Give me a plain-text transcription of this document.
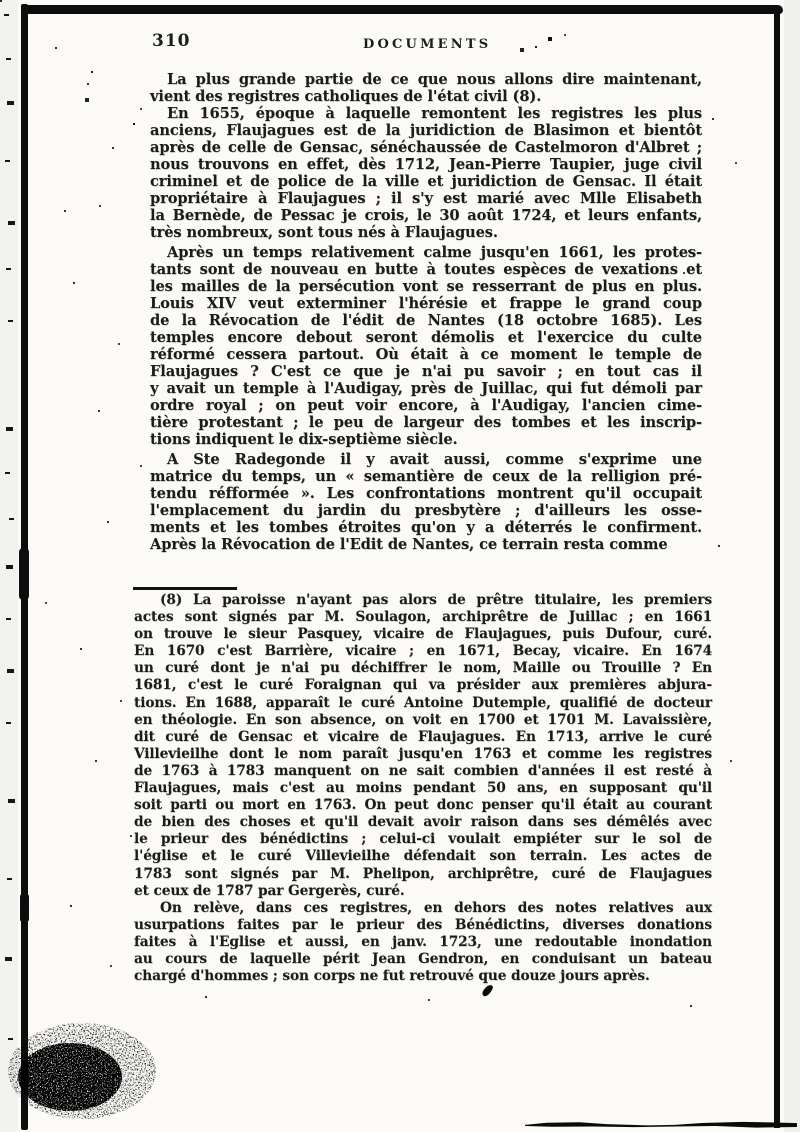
310	DOCUMENTS
La plus grande partie de ce que nous allons dire maintenant,
vient des registres catholiques de l'état civil (8).
En 1655, époque à laquelle remontent les registres les plus
anciens, Flaujagues est de la juridiction de Blasimon et bientôt
après de celle de Gensac, sénéchaussée de Castelmoron d'Albret ;
nous trouvons en effet, dès 1712, Jean-Pierre Taupier, juge civil
criminel et de police de la ville et juridiction de Gensac. Il était
propriétaire à Flaujagues ; il s'y est marié avec Mlle Elisabeth
la Bernède, de Pessac je crois, le 30 août 1724, et leurs enfants,
très nombreux, sont tous nés à Flaujagues.
Après un temps relativement calme jusqu'en 1661, les protes-
tants sont de nouveau en butte à toutes espèces de vexations et
les mailles de la persécution vont se resserrant de plus en plus.
Louis XIV veut exterminer l'hérésie et frappe le grand coup
de la Révocation de l'édit de Nantes (18 octobre 1685). Les
temples encore debout seront démolis et l'exercice du culte
réformé cessera partout. Où était à ce moment le temple de
Flaujagues ? C'est ce que je n'ai pu savoir ; en tout cas il
y avait un temple à l'Audigay, près de Juillac, qui fut démoli par
ordre royal ; on peut voir encore, à l'Audigay, l'ancien cime-
tière protestant ; le peu de largeur des tombes et les inscrip-
tions indiquent le dix-septième siècle.
A Ste Radegonde il y avait aussi, comme s'exprime une
matrice du temps, un « semantière de ceux de la relligion pré-
tendu réfformée ». Les confrontations montrent qu'il occupait
l'emplacement du jardin du presbytère ; d'ailleurs les osse-
ments et les tombes étroites qu'on y a déterrés le confirment.
Après la Révocation de l'Edit de Nantes, ce terrain resta comme
(8) La paroisse n'ayant pas alors de prêtre titulaire, les premiers
actes sont signés par M. Soulagon, archiprêtre de Juillac ; en 1661
on trouve le sieur Pasquey, vicaire de Flaujagues, puis Dufour, curé.
En 1670 c'est Barrière, vicaire ; en 1671, Becay, vicaire. En 1674
un curé dont je n'ai pu déchiffrer le nom, Maille ou Trouille ? En
1681, c'est le curé Foraignan qui va présider aux premières abjura-
tions. En 1688, apparaît le curé Antoine Dutemple, qualifié de docteur
en théologie. En son absence, on voit en 1700 et 1701 M. Lavaissière,
dit curé de Gensac et vicaire de Flaujagues. En 1713, arrive le curé
Villevieilhe dont le nom paraît jusqu'en 1763 et comme les registres
de 1763 à 1783 manquent on ne sait combien d'années il est resté à
Flaujagues, mais c'est au moins pendant 50 ans, en supposant qu'il
soit parti ou mort en 1763. On peut donc penser qu'il était au courant
de bien des choses et qu'il devait avoir raison dans ses démêlés avec
le prieur des bénédictins ; celui-ci voulait empiéter sur le sol de
l'église et le curé Villevieilhe défendait son terrain. Les actes de
1783 sont signés par M. Phelipon, archiprêtre, curé de Flaujagues
et ceux de 1787 par Gergerès, curé.
On relève, dans ces registres, en dehors des notes relatives aux
usurpations faites par le prieur des Bénédictins, diverses donations
faites à l'Eglise et aussi, en janv. 1723, une redoutable inondation
au cours de laquelle périt Jean Gendron, en conduisant un bateau
chargé d'hommes ; son corps ne fut retrouvé que douze jours après.
